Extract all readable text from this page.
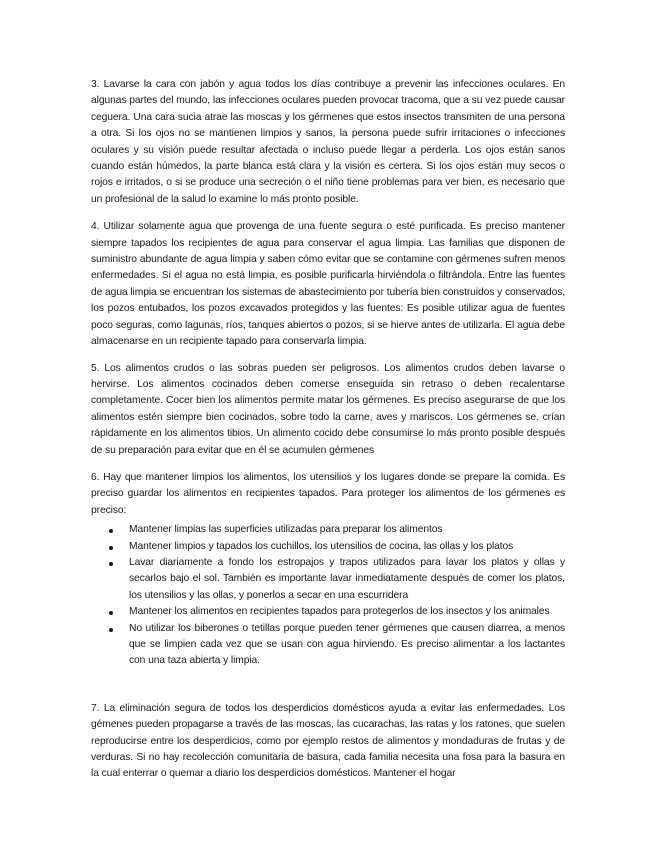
3. Lavarse la cara con jabón y agua todos los días contribuye a prevenir las infecciones oculares. En algunas partes del mundo, las infecciones oculares pueden provocar tracoma, que a su vez puede causar ceguera. Una cara sucia atrae las moscas y los gérmenes que estos insectos transmiten de una persona a otra. Si los ojos no se mantienen limpios y sanos, la persona puede sufrir irritaciones o infecciones oculares y su visión puede resultar afectada o incluso puede llegar a perderla. Los ojos están sanos cuando están húmedos, la parte blanca está clara y la visión es certera. Si los ojos están muy secos o rojos e irritados, o si se produce una secreción o el niño tiene problemas para ver bien, es necesario que un profesional de la salud lo examine lo más pronto posible.

4. Utilizar solamente agua que provenga de una fuente segura o esté purificada. Es preciso mantener siempre tapados los recipientes de agua para conservar el agua limpia. Las familias que disponen de suministro abundante de agua limpia y saben cómo evitar que se contamine con gérmenes sufren menos enfermedades. Si el agua no está limpia, es posible purificarla hirviéndola o filtrándola. Entre las fuentes de agua limpia se encuentran los sistemas de abastecimiento por tubería bien construidos y conservados, los pozos entubados, los pozos excavados protegidos y las fuentes: Es posible utilizar agua de fuentes poco seguras, como lagunas, ríos, tanques abiertos o pozos, si se hierve antes de utilizarla. El agua debe almacenarse en un recipiente tapado para conservarla limpia.

5. Los alimentos crudos o las sobras pueden ser peligrosos. Los alimentos crudos deben lavarse o hervirse. Los alimentos cocinados deben comerse enseguida sin retraso o deben recalentarse completamente. Cocer bien los alimentos permite matar los gérmenes. Es preciso asegurarse de que los alimentos estén siempre bien cocinados, sobre todo la carne, aves y mariscos. Los gérmenes se. crían rápidamente en los alimentos tibios. Un alimento cocido debe consumirse lo más pronto posible después de su preparación para evitar que en él se acumulen gérmenes

6. Hay que mantener limpios los alimentos, los utensilios y los lugares donde se prepare la comida. Es preciso guardar los alimentos en recipientes tapados. Para proteger los alimentos de los gérmenes es preciso:

Mantener limpias las superficies utilizadas para preparar los alimentos

Mantener limpios y tapados los cuchillos, los utensilios de cocina, las ollas y los platos

Lavar diariamente a fondo los estropajos y trapos utilizados para lavar los platos y ollas y secarlos bajo el sol. También es importante lavar inmediatamente después de comer los platos, los utensilios y las ollas, y ponerlos a secar en una escurridera

Mantener los alimentos en recipientes tapados para protegerlos de los insectos y los animales

No utilizar los biberones o tetillas porque pueden tener gérmenes que causen diarrea, a menos que se limpien cada vez que se usan con agua hirviendo. Es preciso alimentar a los lactantes con una taza abierta y limpia.

7. La eliminación segura de todos los desperdicios domésticos ayuda a evitar las enfermedades. Los gémenes pueden propagarse a través de las moscas, las cucarachas, las ratas y los ratones, que suelen reproducirse entre los desperdicios, como por ejemplo restos de alimentos y mondaduras de frutas y de verduras. Si no hay recolección comunitaria de basura, cada familia necesita una fosa para la basura en la cual enterrar o quemar a diario los desperdicios domésticos. Mantener el hogar
